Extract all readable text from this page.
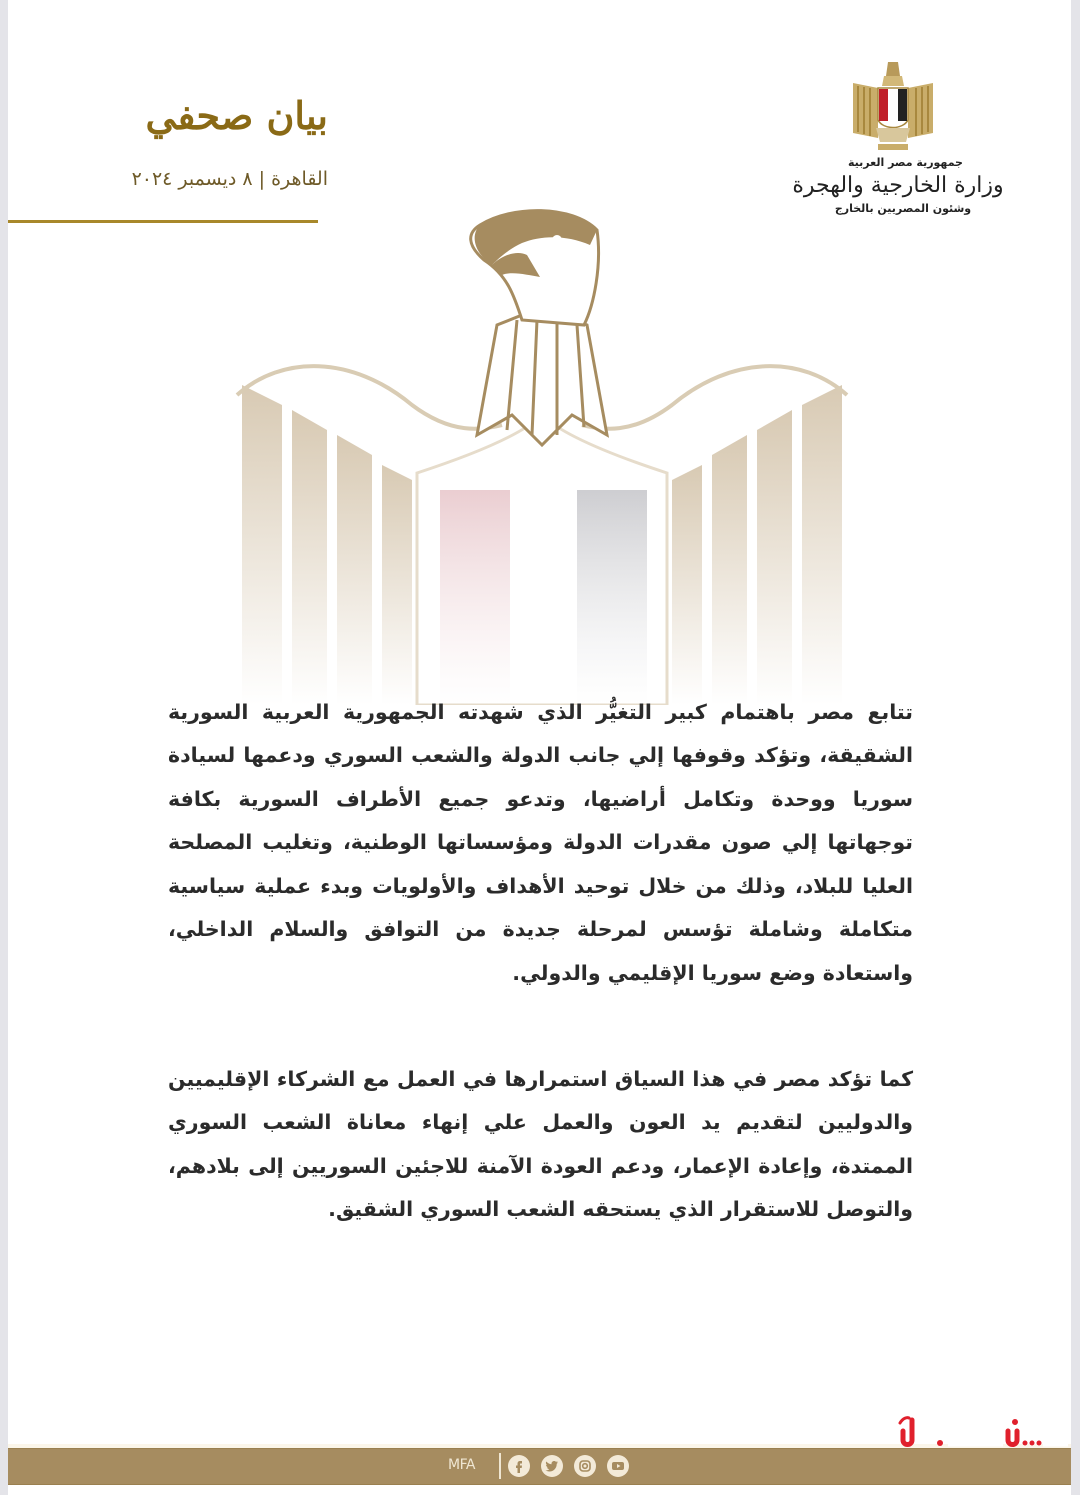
بيان صحفي
القاهرة | ٨ ديسمبر ٢٠٢٤
جمهورية مصر العربية
وزارة الخارجية والهجرة
وشئون المصريين بالخارج

تتابع مصر باهتمام كبير التغيُّر الذي شهدته الجمهورية العربية السورية الشقيقة، وتؤكد وقوفها إلي جانب الدولة والشعب السوري ودعمها لسيادة سوريا ووحدة وتكامل أراضيها، وتدعو جميع الأطراف السورية بكافة توجهاتها إلي صون مقدرات الدولة ومؤسساتها الوطنية، وتغليب المصلحة العليا للبلاد، وذلك من خلال توحيد الأهداف والأولويات وبدء عملية سياسية متكاملة وشاملة تؤسس لمرحلة جديدة من التوافق والسلام الداخلي، واستعادة وضع سوريا الإقليمي والدولي.

كما تؤكد مصر في هذا السياق استمرارها في العمل مع الشركاء الإقليميين والدوليين لتقديم يد العون والعمل علي إنهاء معاناة الشعب السوري الممتدة، وإعادة الإعمار، ودعم العودة الآمنة للاجئين السوريين إلى بلادهم، والتوصل للاستقرار الذي يستحقه الشعب السوري الشقيق.

MFA
